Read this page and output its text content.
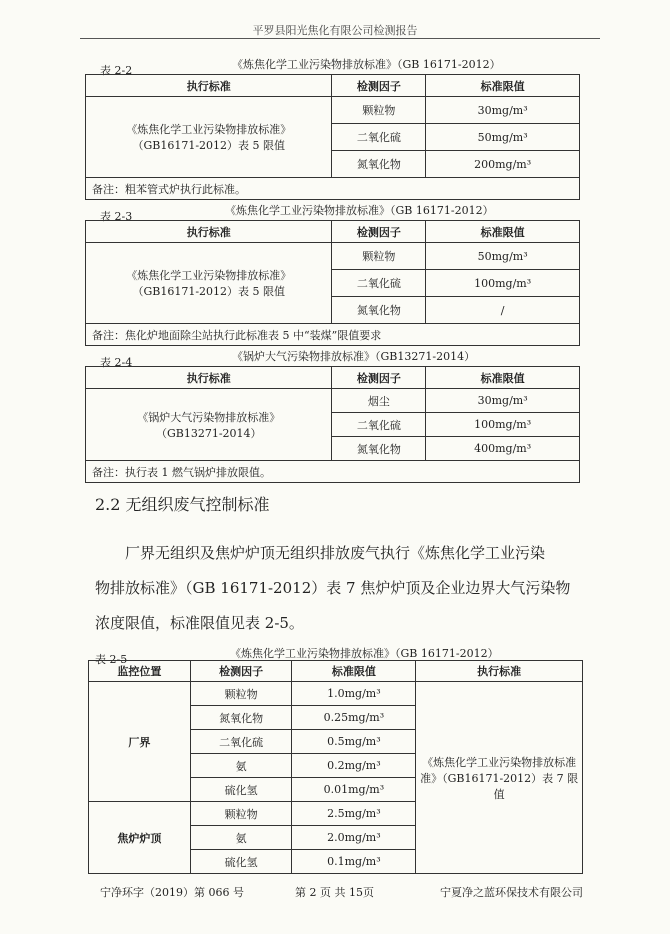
平罗县阳光焦化有限公司检测报告
表 2-2	《炼焦化学工业污染物排放标准》（GB 16171-2012）
执行标准	检测因子	标准限值

《炼焦化学工业污染物排放标准》
（GB16171-2012）表 5 限值	颗粒物	30mg/m³
	二氧化硫	50mg/m³
	氮氧化物	200mg/m³
备注：粗苯管式炉执行此标准。		
表 2-3	《炼焦化学工业污染物排放标准》（GB 16171-2012）
执行标准	检测因子	标准限值

《炼焦化学工业污染物排放标准》
（GB16171-2012）表 5 限值	颗粒物	50mg/m³
	二氧化硫	100mg/m³
	氮氧化物	/
备注：焦化炉地面除尘站执行此标准表 5 中“装煤”限值要求		
表 2-4	《锅炉大气污染物排放标准》（GB13271-2014）
执行标准	检测因子	标准限值

《锅炉大气污染物排放标准》
（GB13271-2014）	烟尘	30mg/m³
	二氧化硫	100mg/m³
	氮氧化物	400mg/m³
备注：执行表 1 燃气锅炉排放限值。		
2.2 无组织废气控制标准

厂界无组织及焦炉炉顶无组织排放废气执行《炼焦化学工业污染

物排放标准》（GB 16171-2012）表 7 焦炉炉顶及企业边界大气污染物

浓度限值，标准限值见表 2-5。

表 2-5	《炼焦化学工业污染物排放标准》（GB 16171-2012）
监控位置	检测因子	标准限值	执行标准
厂界	颗粒物	1.0mg/m³	《炼焦化学工业污染物排放标准
准》（GB16171-2012）表 7 限值

	氮氧化物	0.25mg/m³	
	二氧化硫	0.5mg/m³	
	氨	0.2mg/m³	
	硫化氢	0.01mg/m³	
焦炉炉顶	颗粒物	2.5mg/m³	
	氨	2.0mg/m³	
	硫化氢	0.1mg/m³	
宁净环字（2019）第 066 号	第 2 页 共 15页	宁夏净之蓝环保技术有限公司
